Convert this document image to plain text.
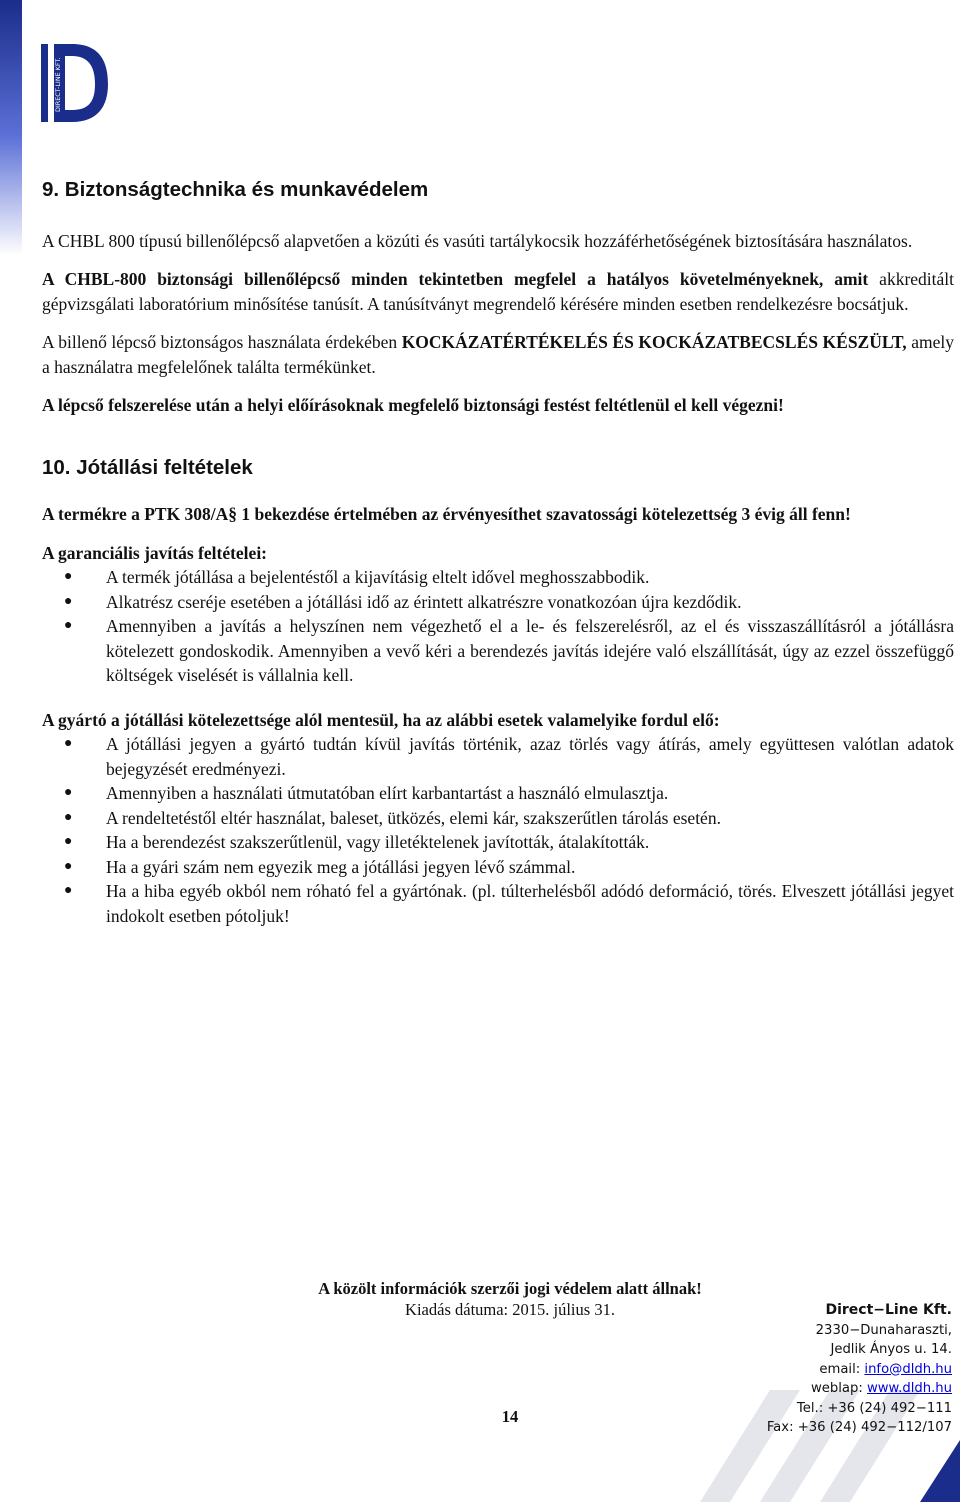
DIRECT-LINE KFT.
9. Biztonságtechnika és munkavédelem

A CHBL 800 típusú billenőlépcső alapvetően a közúti és vasúti tartálykocsik hozzáférhetőségének biztosítására használatos.

A CHBL-800 biztonsági billenőlépcső minden tekintetben megfelel a hatályos követelményeknek, amit akkreditált gépvizsgálati laboratórium minősítése tanúsít. A tanúsítványt megrendelő kérésére minden esetben rendelkezésre bocsátjuk.

A billenő lépcső biztonságos használata érdekében KOCKÁZATÉRTÉKELÉS ÉS KOCKÁZATBECSLÉS KÉSZÜLT, amely a használatra megfelelőnek találta termékünket.

A lépcső felszerelése után a helyi előírásoknak megfelelő biztonsági festést feltétlenül el kell végezni!

10. Jótállási feltételek

A termékre a PTK 308/A§ 1 bekezdése értelmében az érvényesíthet szavatossági kötelezettség 3 évig áll fenn!

A garanciális javítás feltételei:

● A termék jótállása a bejelentéstől a kijavításig eltelt idővel meghosszabbodik.
● Alkatrész cseréje esetében a jótállási idő az érintett alkatrészre vonatkozóan újra kezdődik.
● Amennyiben a javítás a helyszínen nem végezhető el a le- és felszerelésről, az el és visszaszállításról a jótállásra kötelezett gondoskodik. Amennyiben a vevő kéri a berendezés javítás idejére való elszállítását, úgy az ezzel összefüggő költségek viselését is vállalnia kell.

A gyártó a jótállási kötelezettsége alól mentesül, ha az alábbi esetek valamelyike fordul elő:

● A jótállási jegyen a gyártó tudtán kívül javítás történik, azaz törlés vagy átírás, amely együttesen valótlan adatok bejegyzését eredményezi.
● Amennyiben a használati útmutatóban elírt karbantartást a használó elmulasztja.
● A rendeltetéstől eltér használat, baleset, ütközés, elemi kár, szakszerűtlen tárolás esetén.
● Ha a berendezést szakszerűtlenül, vagy illetéktelenek javították, átalakították.
● Ha a gyári szám nem egyezik meg a jótállási jegyen lévő számmal.
● Ha a hiba egyéb okból nem róható fel a gyártónak. (pl. túlterhelésből adódó deformáció, törés. Elveszett jótállási jegyet indokolt esetben pótoljuk!
A közölt információk szerzői jogi védelem alatt állnak!
Kiadás dátuma: 2015. július 31.
14
Direct−Line Kft.
2330−Dunaharaszti,
Jedlik Ányos u. 14.
email: info@dldh.hu
weblap: www.dldh.hu
Tel.: +36 (24) 492−111
Fax: +36 (24) 492−112/107
